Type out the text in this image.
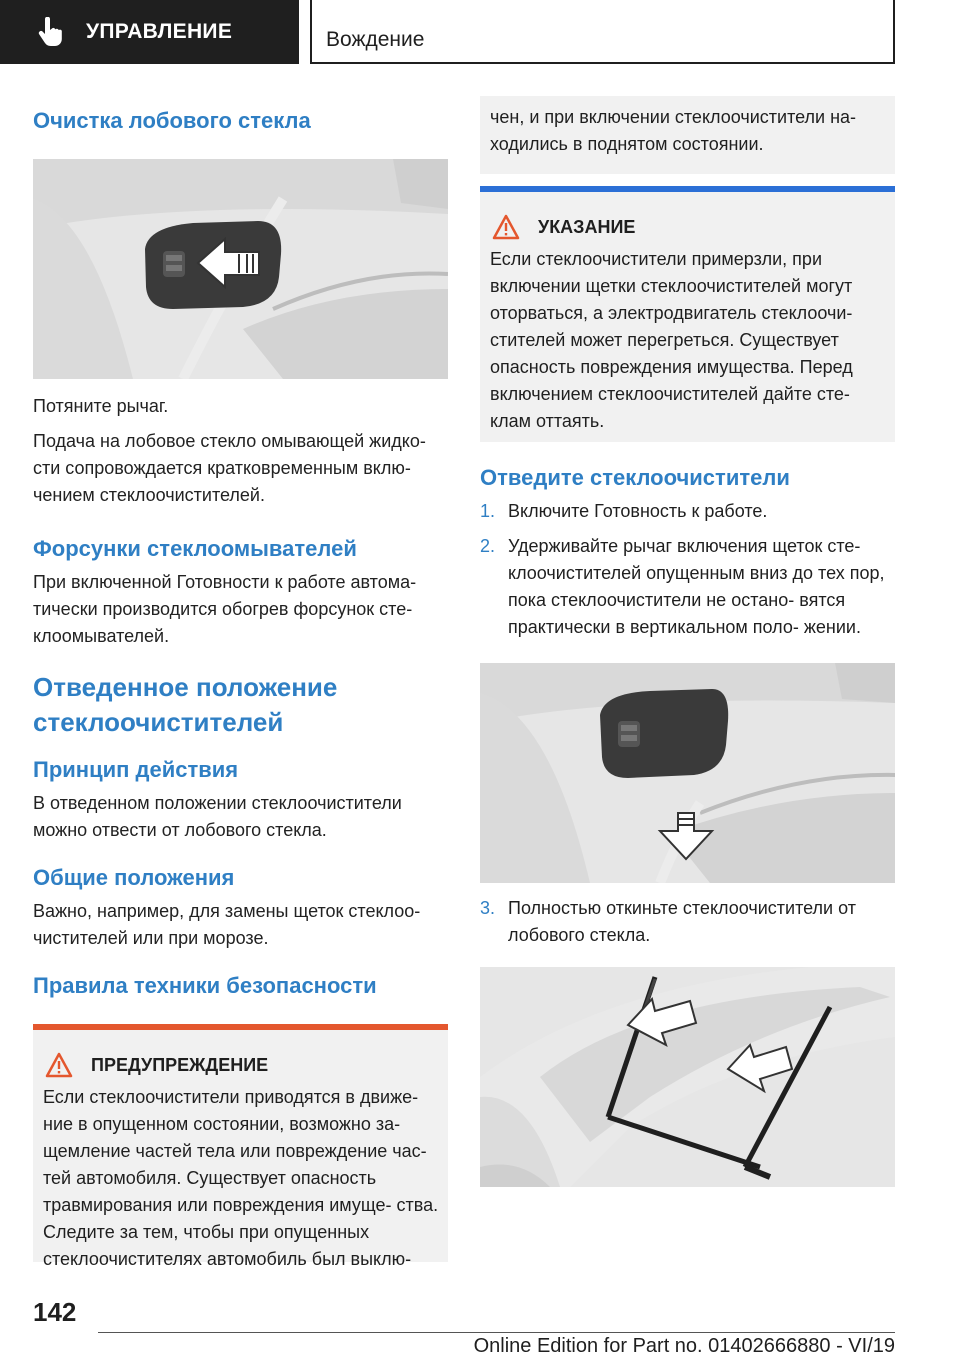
УПРАВЛЕНИЕ	Вождение
Очистка лобового стекла

Потяните рычаг.

Подача на лобовое стекло омывающей жидко- сти сопровождается кратковременным вклю- чением стеклоочистителей.

Форсунки стеклоомывателей

При включенной Готовности к работе автома- тически производится обогрев форсунок сте- клоомывателей.

Отведенное положение стеклоочистителей
Принцип действия

В отведенном положении стеклоочистители можно отвести от лобового стекла.

Общие положения

Важно, например, для замены щеток стеклоо- чистителей или при морозе.

Правила техники безопасности
ПРЕДУПРЕЖДЕНИЕ
Если стеклоочистители приводятся в движе- ние в опущенном состоянии, возможно за- щемление частей тела или повреждение час- тей автомобиля. Существует опасность травмирования или повреждения имуще- ства. Следите за тем, чтобы при опущенных стеклоочистителях автомобиль был выклю-
чен, и при включении стеклоочистители на- ходились в поднятом состоянии.
УКАЗАНИЕ
Если стеклоочистители примерзли, при включении щетки стеклоочистителей могут оторваться, а электродвигатель стеклоочи- стителей может перегреться. Существует опасность повреждения имущества. Перед включением стеклоочистителей дайте сте- клам оттаять.
Отведите стеклоочистители
1. Включите Готовность к работе.
2. Удерживайте рычаг включения щеток сте- клоочистителей опущенным вниз до тех пор, пока стеклоочистители не остано- вятся практически в вертикальном поло- жении.
3. Полностью откиньте стеклоочистители от лобового стекла.
142
Online Edition for Part no. 01402666880 - VI/19
